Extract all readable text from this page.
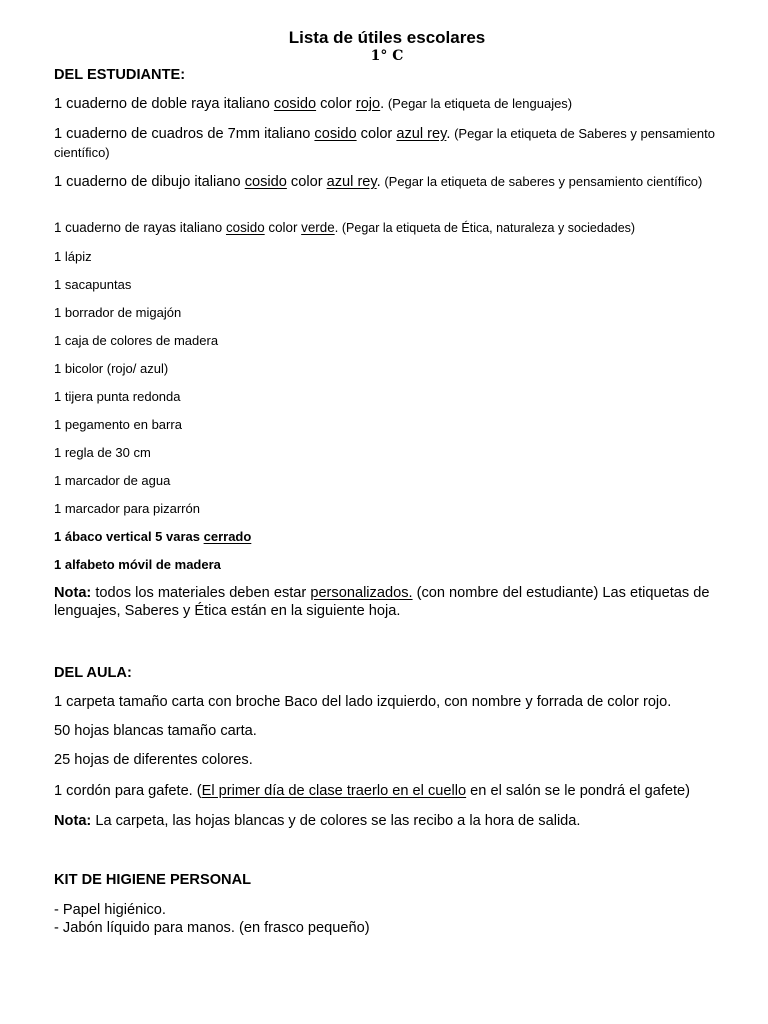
Lista de útiles escolares
1° C
DEL ESTUDIANTE:
1 cuaderno de doble raya italiano cosido color rojo. (Pegar la etiqueta de lenguajes)
1 cuaderno de cuadros de 7mm italiano cosido color azul rey. (Pegar la etiqueta de Saberes y pensamiento científico)
1 cuaderno de dibujo italiano cosido color azul rey. (Pegar la etiqueta de saberes y pensamiento científico)
1 cuaderno de rayas italiano cosido color verde. (Pegar la etiqueta de Ética, naturaleza y sociedades)
1 lápiz
1 sacapuntas
1 borrador de migajón
1 caja de colores de madera
1 bicolor (rojo/ azul)
1 tijera punta redonda
1 pegamento en barra
1 regla de 30 cm
1 marcador de agua
1 marcador para pizarrón
1 ábaco vertical 5 varas cerrado
1 alfabeto móvil de madera
Nota: todos los materiales deben estar personalizados. (con nombre del estudiante) Las etiquetas de lenguajes, Saberes y Ética están en la siguiente hoja.
DEL AULA:
1 carpeta tamaño carta con broche Baco del lado izquierdo, con nombre y forrada de color rojo.
50 hojas blancas tamaño carta.
25 hojas de diferentes colores.
1 cordón para gafete. (El primer día de clase traerlo en el cuello en el salón se le pondrá el gafete)
Nota: La carpeta, las hojas blancas y de colores se las recibo a la hora de salida.
KIT DE HIGIENE PERSONAL
- Papel higiénico.
- Jabón líquido para manos. (en frasco pequeño)
